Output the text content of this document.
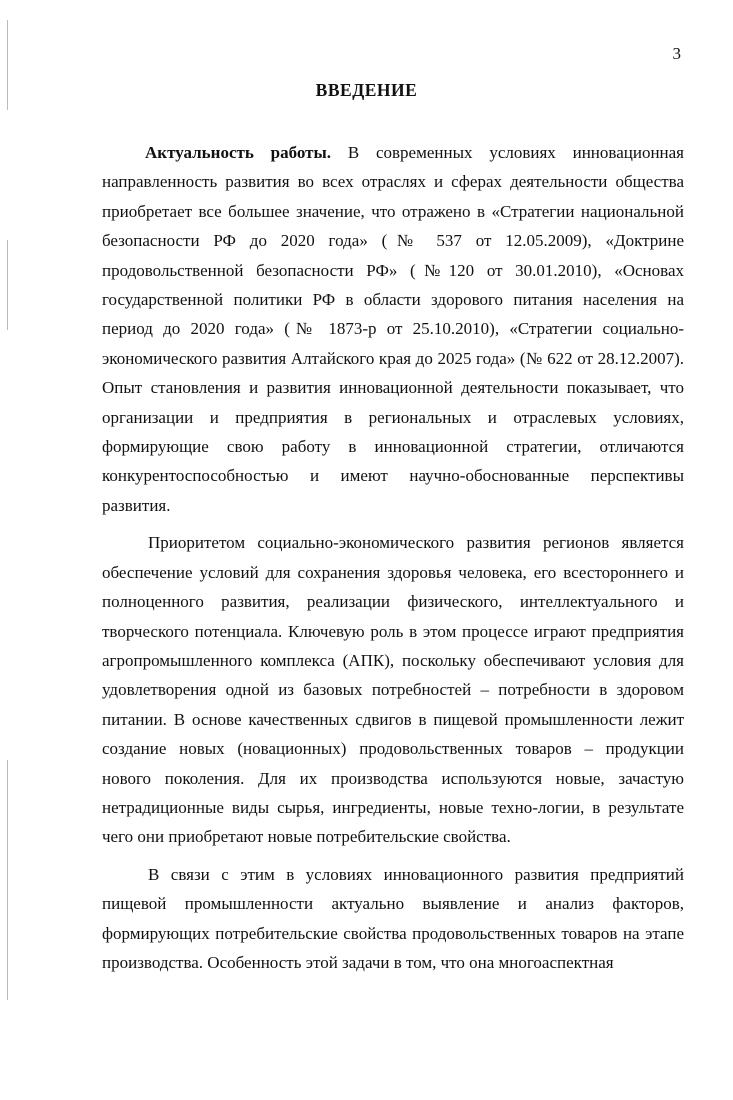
3
ВВЕДЕНИЕ

Актуальность работы. В современных условиях инновационная направленность развития во всех отраслях и сферах деятельности общества приобретает все большее значение, что отражено в «Стратегии национальной безопасности РФ до 2020 года» (№ 537 от 12.05.2009), «Доктрине продовольственной безопасности РФ» (№120 от 30.01.2010), «Основах государственной политики РФ в области здорового питания населения на период до 2020 года» (№ 1873-р от 25.10.2010), «Стратегии социально-экономического развития Алтайского края до 2025 года» (№ 622 от 28.12.2007). Опыт становления и развития инновационной деятельности показывает, что организации и предприятия в региональных и отраслевых условиях, формирующие свою работу в инновационной стратегии, отличаются конкурентоспособностью и имеют научно-обоснованные перспективы развития.

Приоритетом социально-экономического развития регионов является обеспечение условий для сохранения здоровья человека, его всестороннего и полноценного развития, реализации физического, интеллектуального и творческого потенциала. Ключевую роль в этом процессе играют предприятия агропромышленного комплекса (АПК), поскольку обеспечивают условия для удовлетворения одной из базовых потребностей – потребности в здоровом питании. В основе качественных сдвигов в пищевой промышленности лежит создание новых (новационных) продовольственных товаров – продукции нового поколения. Для их производства используются новые, зачастую нетрадиционные виды сырья, ингредиенты, новые техно-логии, в результате чего они приобретают новые потребительские свойства.

В связи с этим в условиях инновационного развития предприятий пищевой промышленности актуально выявление и анализ факторов, формирующих потребительские свойства продовольственных товаров на этапе производства. Особенность этой задачи в том, что она многоаспектная
